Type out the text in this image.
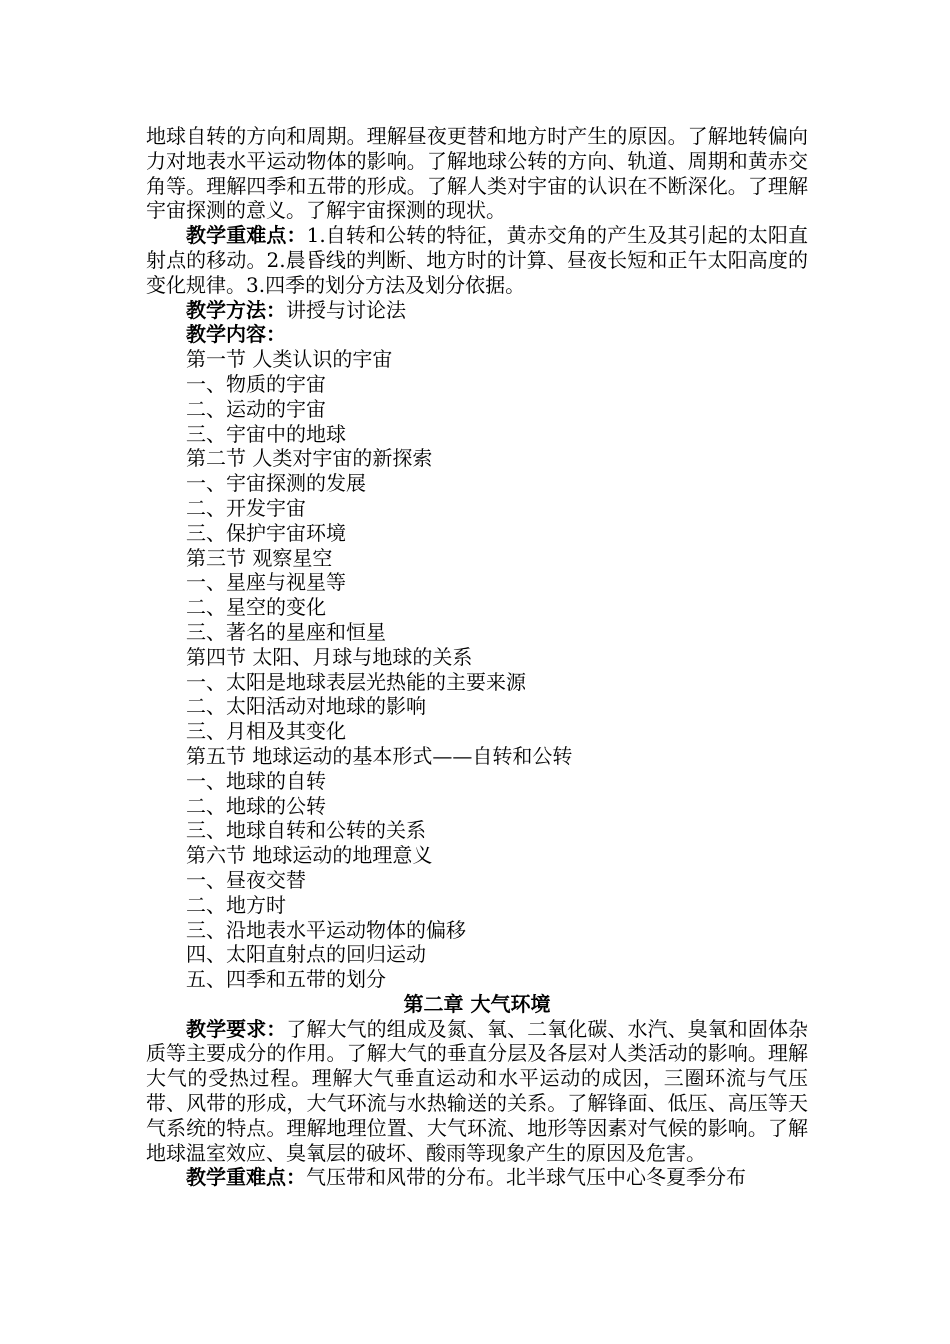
地球自转的方向和周期。理解昼夜更替和地方时产生的原因。了解地转偏向力对地表水平运动物体的影响。了解地球公转的方向、轨道、周期和黄赤交角等。理解四季和五带的形成。了解人类对宇宙的认识在不断深化。了理解宇宙探测的意义。了解宇宙探测的现状。

教学重难点：1.自转和公转的特征，黄赤交角的产生及其引起的太阳直射点的移动。2.晨昏线的判断、地方时的计算、昼夜长短和正午太阳高度的变化规律。3.四季的划分方法及划分依据。

教学方法：讲授与讨论法

教学内容：

第一节 人类认识的宇宙

一、物质的宇宙

二、运动的宇宙

三、宇宙中的地球

第二节 人类对宇宙的新探索

一、宇宙探测的发展

二、开发宇宙

三、保护宇宙环境

第三节 观察星空

一、星座与视星等

二、星空的变化

三、著名的星座和恒星

第四节 太阳、月球与地球的关系

一、太阳是地球表层光热能的主要来源

二、太阳活动对地球的影响

三、月相及其变化

第五节 地球运动的基本形式——自转和公转

一、地球的自转

二、地球的公转

三、地球自转和公转的关系

第六节 地球运动的地理意义

一、昼夜交替

二、地方时

三、沿地表水平运动物体的偏移

四、太阳直射点的回归运动

五、四季和五带的划分

第二章 大气环境

教学要求：了解大气的组成及氮、氧、二氧化碳、水汽、臭氧和固体杂质等主要成分的作用。了解大气的垂直分层及各层对人类活动的影响。理解大气的受热过程。理解大气垂直运动和水平运动的成因，三圈环流与气压带、风带的形成，大气环流与水热输送的关系。了解锋面、低压、高压等天气系统的特点。理解地理位置、大气环流、地形等因素对气候的影响。了解地球温室效应、臭氧层的破坏、酸雨等现象产生的原因及危害。

教学重难点：气压带和风带的分布。北半球气压中心冬夏季分布
